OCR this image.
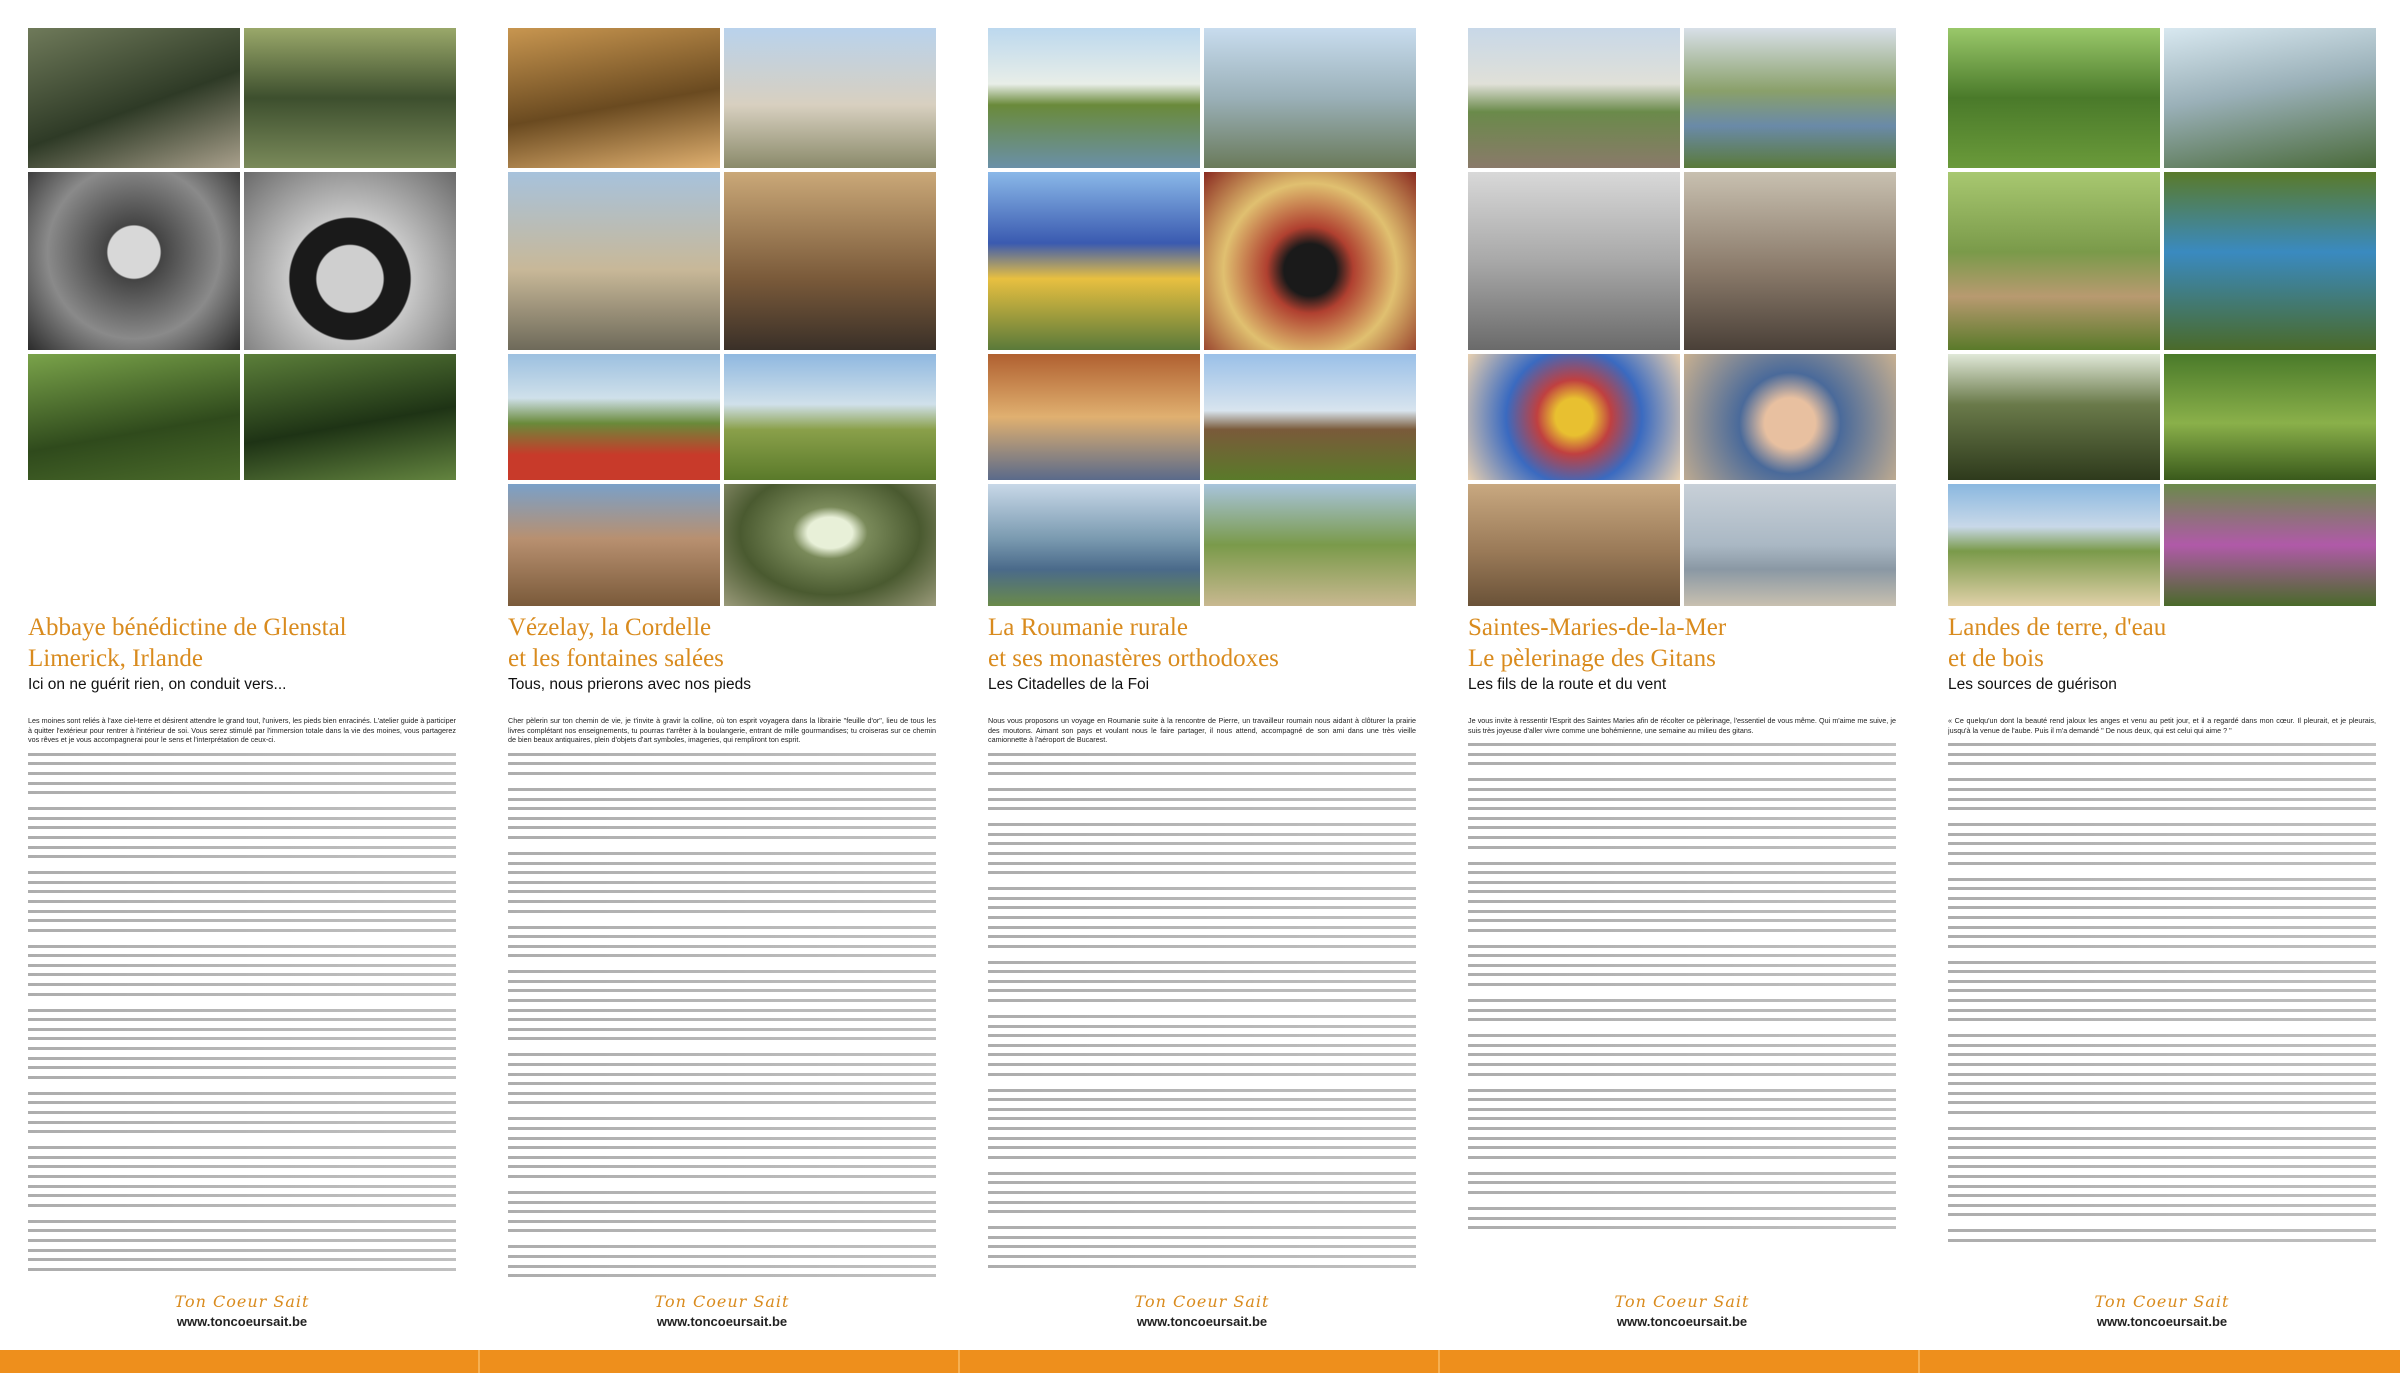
Abbaye bénédictine de Glenstal
Limerick, Irlande

Ici on ne guérit rien, on conduit vers...

Les moines sont reliés à l'axe ciel-terre et désirent attendre le grand tout, l'univers, les pieds bien enracinés. L'atelier guide à participer à quitter l'extérieur pour rentrer à l'intérieur de soi. Vous serez stimulé par l'immersion totale dans la vie des moines, vous partagerez vos rêves et je vous accompagnerai pour le sens et l'interprétation de ceux-ci.

Ton Coeur Sait
www.toncoeursait.be
Vézelay, la Cordelle
et les fontaines salées

Tous, nous prierons avec nos pieds

Cher pèlerin sur ton chemin de vie, je t'invite à gravir la colline, où ton esprit voyagera dans la librairie "feuille d'or", lieu de tous les livres complétant nos enseignements, tu pourras t'arrêter à la boulangerie, entrant de mille gourmandises; tu croiseras sur ce chemin de bien beaux antiquaires, plein d'objets d'art symboles, imageries, qui rempliront ton esprit.

Ton Coeur Sait
www.toncoeursait.be
La Roumanie rurale
et ses monastères orthodoxes

Les Citadelles de la Foi

Nous vous proposons un voyage en Roumanie suite à la rencontre de Pierre, un travailleur roumain nous aidant à clôturer la prairie des moutons. Aimant son pays et voulant nous le faire partager, il nous attend, accompagné de son ami dans une très vieille camionnette à l'aéroport de Bucarest.

Ton Coeur Sait
www.toncoeursait.be
Saintes-Maries-de-la-Mer
Le pèlerinage des Gitans

Les fils de la route et du vent

Je vous invite à ressentir l'Esprit des Saintes Maries afin de récolter ce pèlerinage, l'essentiel de vous même. Qui m'aime me suive, je suis très joyeuse d'aller vivre comme une bohémienne, une semaine au milieu des gitans.

Ton Coeur Sait
www.toncoeursait.be
Landes de terre, d'eau
et de bois

Les sources de guérison

« Ce quelqu'un dont la beauté rend jaloux les anges et venu au petit jour, et il a regardé dans mon cœur. Il pleurait, et je pleurais, jusqu'à la venue de l'aube. Puis il m'a demandé " De nous deux, qui est celui qui aime ? "

Ton Coeur Sait
www.toncoeursait.be
